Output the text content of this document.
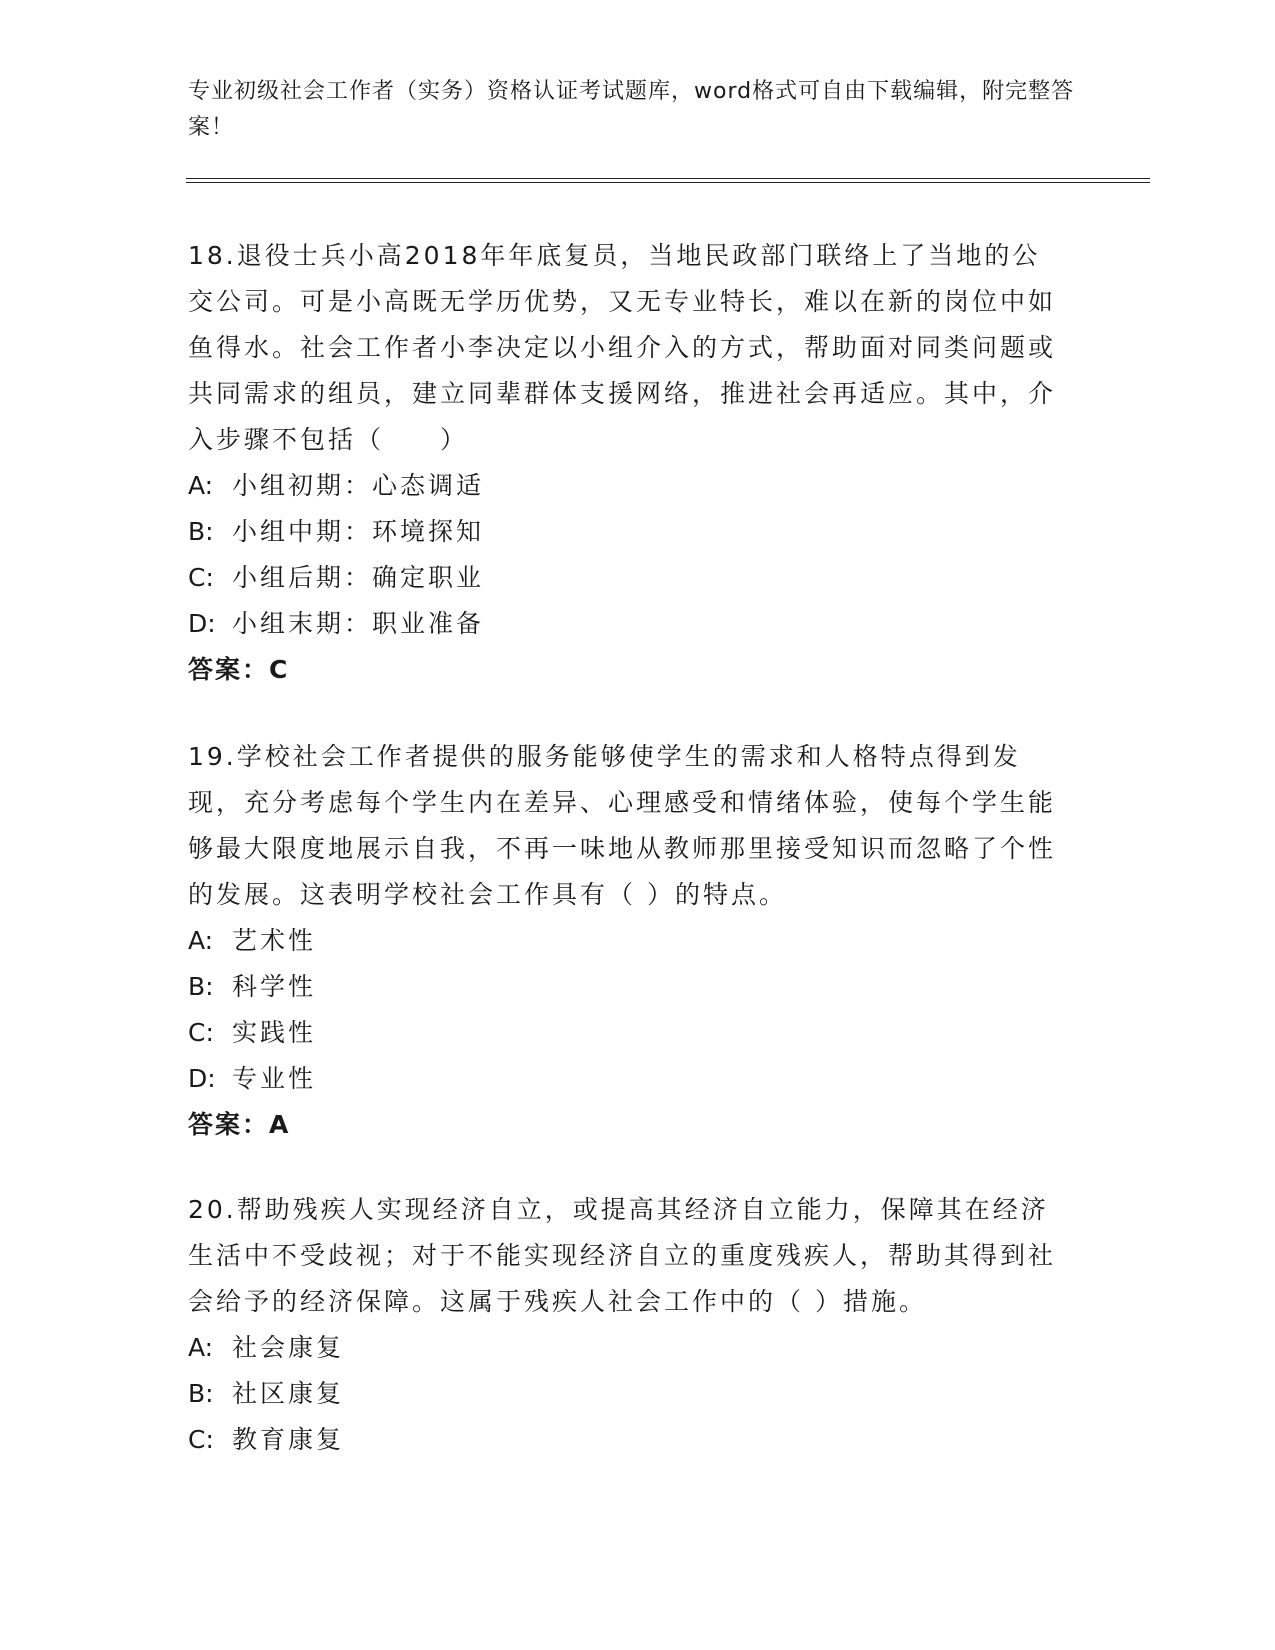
专业初级社会工作者（实务）资格认证考试题库，word格式可自由下载编辑，附完整答案！

18.退役士兵小高2018年年底复员，当地民政部门联络上了当地的公交公司。可是小高既无学历优势，又无专业特长，难以在新的岗位中如鱼得水。社会工作者小李决定以小组介入的方式，帮助面对同类问题或共同需求的组员，建立同辈群体支援网络，推进社会再适应。其中，介入步骤不包括（　　）

A: 小组初期：心态调适

B: 小组中期：环境探知

C: 小组后期：确定职业

D: 小组末期：职业准备

答案：C

19.学校社会工作者提供的服务能够使学生的需求和人格特点得到发现，充分考虑每个学生内在差异、心理感受和情绪体验，使每个学生能够最大限度地展示自我，不再一味地从教师那里接受知识而忽略了个性的发展。这表明学校社会工作具有（ ）的特点。

A: 艺术性

B: 科学性

C: 实践性

D: 专业性

答案：A

20.帮助残疾人实现经济自立，或提高其经济自立能力，保障其在经济生活中不受歧视；对于不能实现经济自立的重度残疾人，帮助其得到社会给予的经济保障。这属于残疾人社会工作中的（ ）措施。

A: 社会康复

B: 社区康复

C: 教育康复
